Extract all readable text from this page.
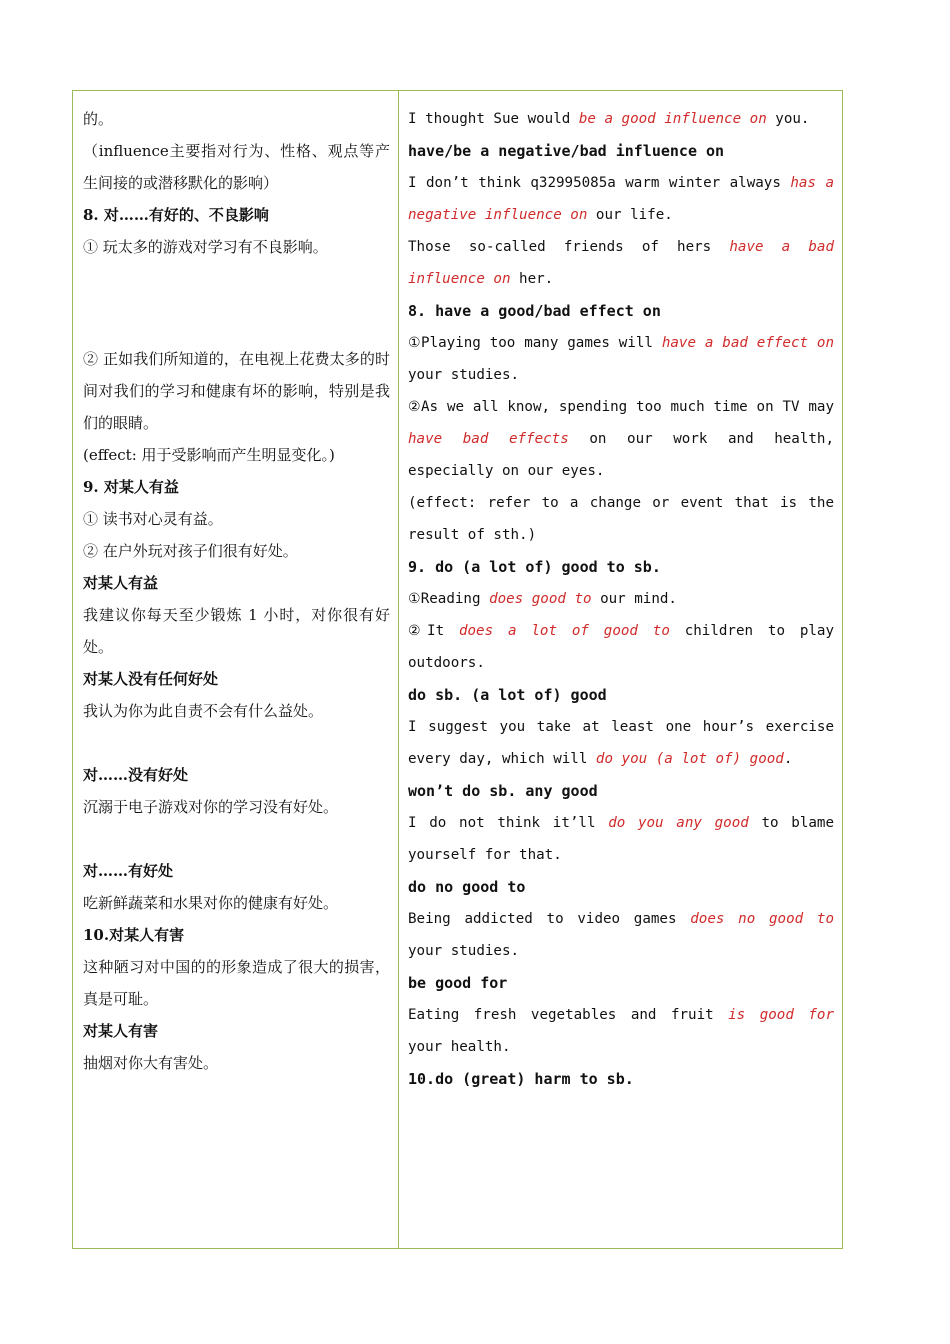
的。

（influence主要指对行为、性格、观点等产生间接的或潜移默化的影响）

8. 对……有好的、不良影响

① 玩太多的游戏对学习有不良影响。

② 正如我们所知道的，在电视上花费太多的时间对我们的学习和健康有坏的影响，特别是我们的眼睛。

(effect: 用于受影响而产生明显变化。)

9. 对某人有益

① 读书对心灵有益。

② 在户外玩对孩子们很有好处。

对某人有益

我建议你每天至少锻炼 1 小时，对你很有好处。

对某人没有任何好处

我认为你为此自责不会有什么益处。

对……没有好处

沉溺于电子游戏对你的学习没有好处。

对……有好处

吃新鲜蔬菜和水果对你的健康有好处。

10.对某人有害

这种陋习对中国的的形象造成了很大的损害，真是可耻。

对某人有害

抽烟对你大有害处。

I thought Sue would be a good influence on you.

have/be a negative/bad influence on

I don’t think q32995085a warm winter always has a negative influence on our life.

Those so-called friends of hers have a bad influence on her.

8. have a good/bad effect on

①Playing too many games will have a bad effect on your studies.

②As we all know, spending too much time on TV may have bad effects on our work and health, especially on our eyes.

(effect: refer to a change or event that is the result of sth.)

9. do (a lot of) good to sb.

①Reading does good to our mind.

②It does a lot of good to children to play outdoors.

do sb. (a lot of) good

I suggest you take at least one hour’s exercise every day, which will do you (a lot of) good.

won’t do sb. any good

I do not think it’ll do you any good to blame yourself for that.

do no good to

Being addicted to video games does no good to your studies.

be good for

Eating fresh vegetables and fruit is good for your health.

10.do (great) harm to sb.
